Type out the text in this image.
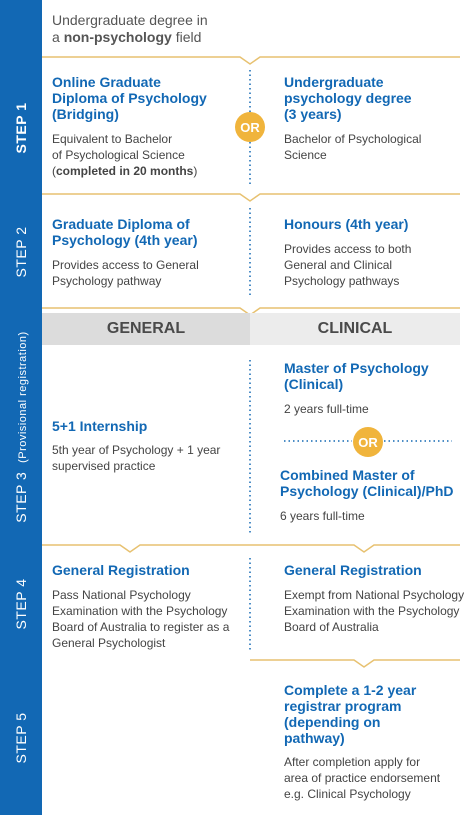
STEP 1
STEP 2
STEP 3  (Provisional registration)
STEP 4
STEP 5
Undergraduate degree in
a non-psychology field
Online Graduate
Diploma of Psychology
(Bridging)
Equivalent to Bachelor
of Psychological Science
(completed in 20 months)
OR
Undergraduate
psychology degree
(3 years)
Bachelor of Psychological
Science
Graduate Diploma of
Psychology (4th year)
Provides access to General
Psychology pathway
Honours (4th year)
Provides access to both
General and Clinical
Psychology pathways
GENERAL	CLINICAL
5+1 Internship
5th year of Psychology + 1 year
supervised practice
Master of Psychology
(Clinical)
2 years full-time
OR
Combined Master of
Psychology (Clinical)/PhD
6 years full-time
General Registration
Pass National Psychology
Examination with the Psychology
Board of Australia to register as a
General Psychologist
General Registration
Exempt from National Psychology
Examination with the Psychology
Board of Australia
Complete a 1-2 year
registrar program
(depending on
pathway)
After completion apply for
area of practice endorsement
e.g. Clinical Psychology
